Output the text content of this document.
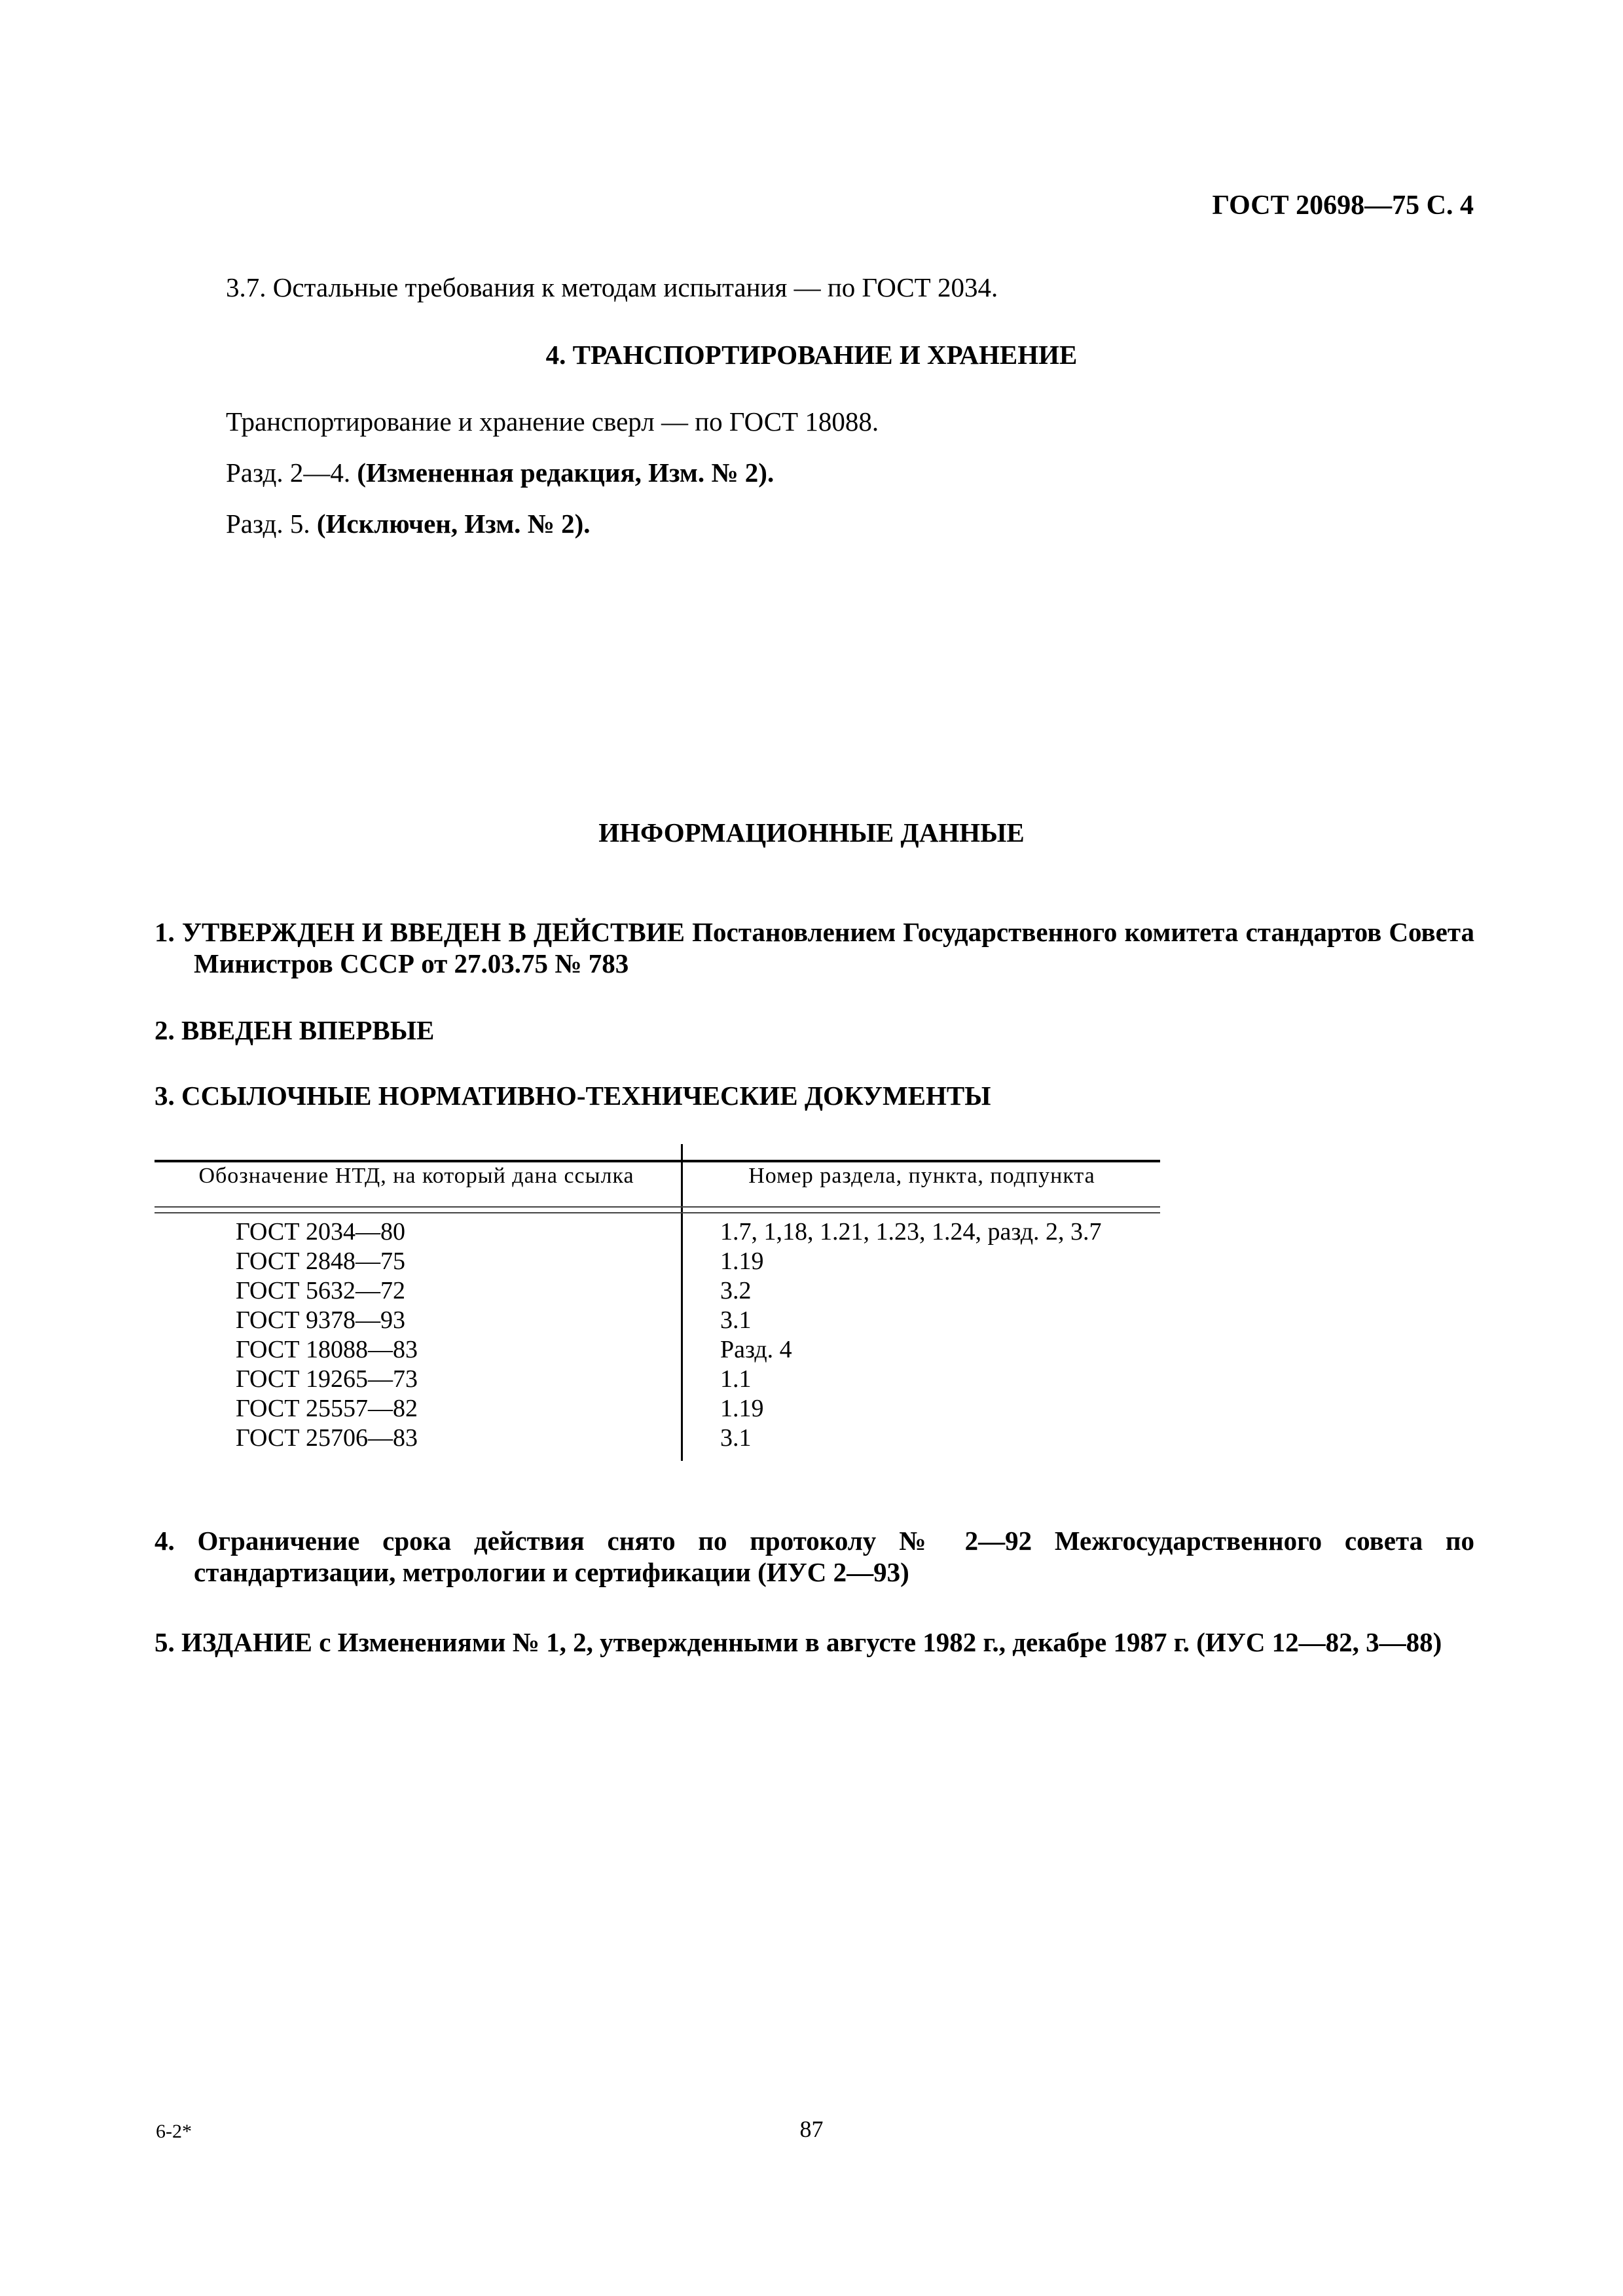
ГОСТ 20698—75 С. 4
3.7. Остальные требования к методам испытания — по ГОСТ 2034.
4. ТРАНСПОРТИРОВАНИЕ И ХРАНЕНИЕ
Транспортирование и хранение сверл — по ГОСТ 18088.
Разд. 2—4. (Измененная редакция, Изм. № 2).
Разд. 5. (Исключен, Изм. № 2).
ИНФОРМАЦИОННЫЕ ДАННЫЕ
1. УТВЕРЖДЕН И ВВЕДЕН В ДЕЙСТВИЕ Постановлением Государственного комитета стандартов Совета Министров СССР от 27.03.75 № 783
2. ВВЕДЕН ВПЕРВЫЕ
3. ССЫЛОЧНЫЕ НОРМАТИВНО-ТЕХНИЧЕСКИЕ ДОКУМЕНТЫ
Обозначение НТД, на который дана ссылка	Номер раздела, пункта, подпункта
ГОСТ 2034—80
ГОСТ 2848—75
ГОСТ 5632—72
ГОСТ 9378—93
ГОСТ 18088—83
ГОСТ 19265—73
ГОСТ 25557—82
ГОСТ 25706—83
1.7, 1,18, 1.21, 1.23, 1.24, разд. 2, 3.7
1.19
3.2
3.1
Разд. 4
1.1
1.19
3.1
4. Ограничение срока действия снято по протоколу № 2—92 Межгосударственного совета по стандартизации, метрологии и сертификации (ИУС 2—93)
5. ИЗДАНИЕ с Изменениями № 1, 2, утвержденными в августе 1982 г., декабре 1987 г. (ИУС 12—82, 3—88)
6-2*	87
